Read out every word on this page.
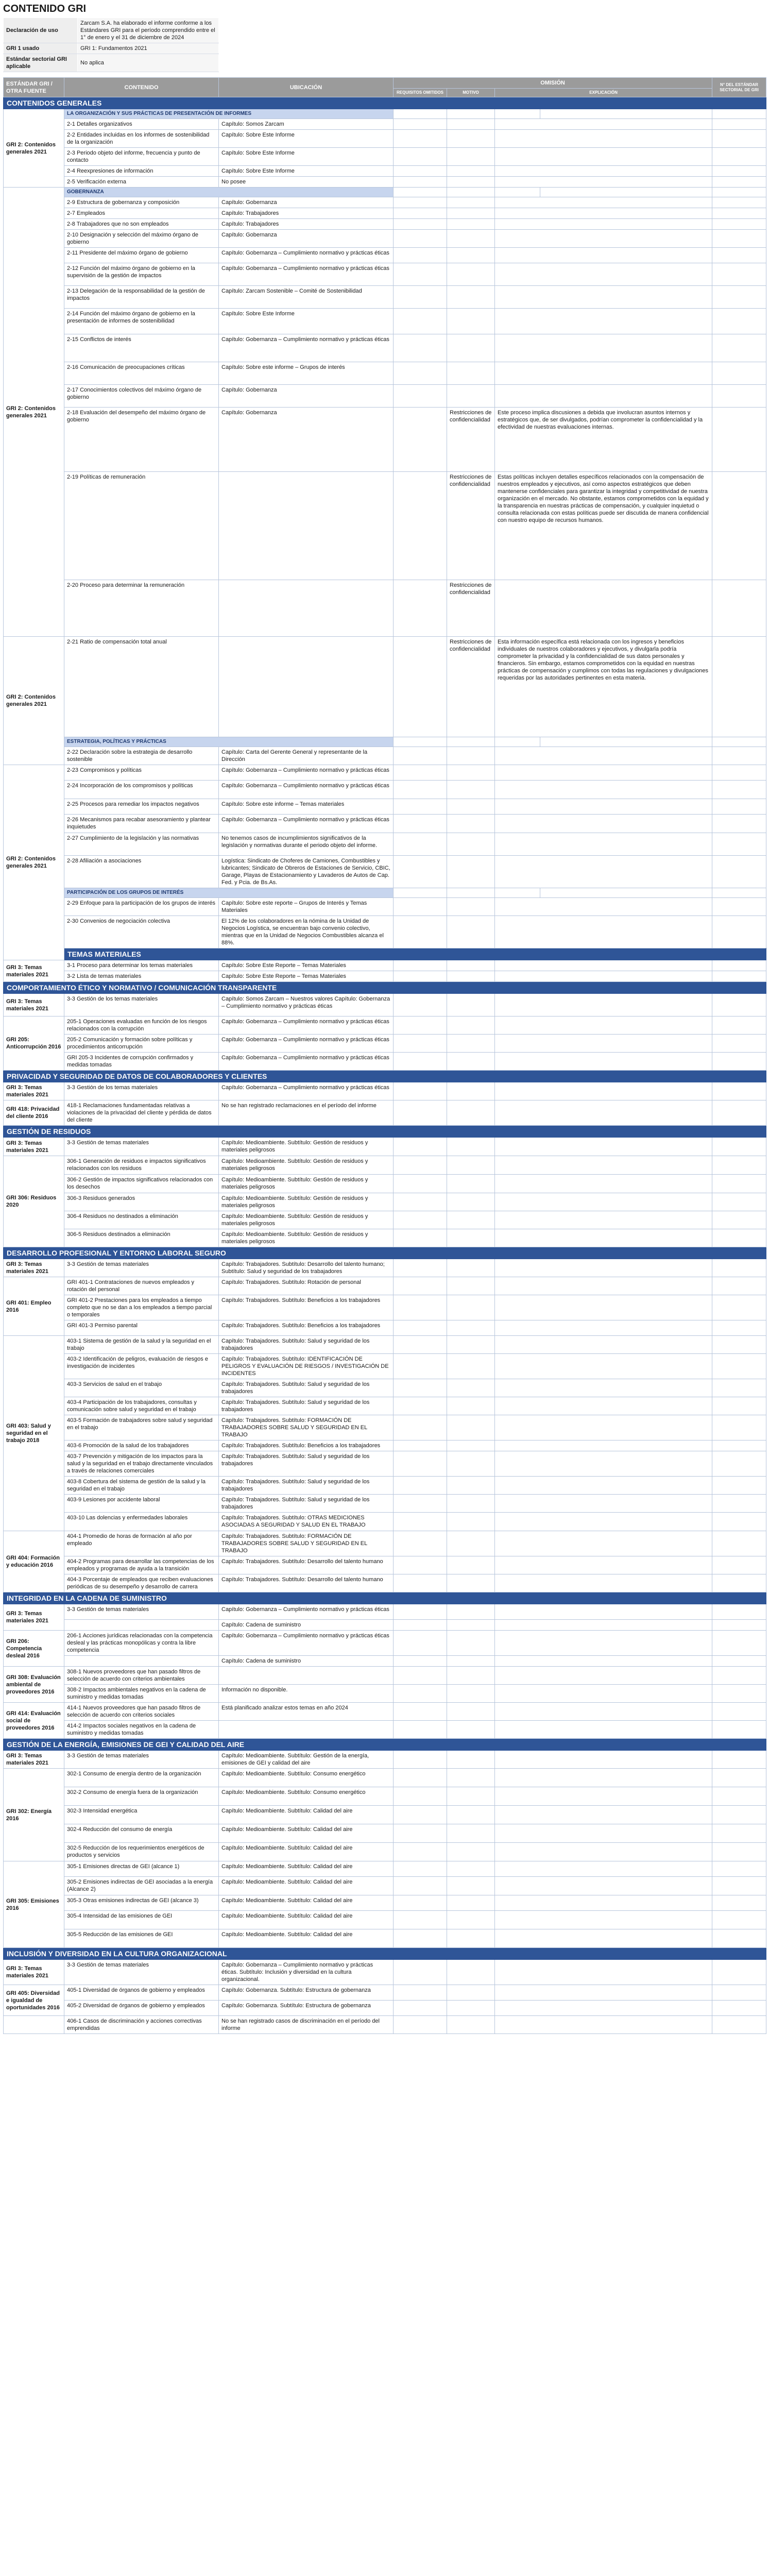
CONTENIDO GRI
Declaración de uso	Zarcam S.A. ha elaborado el informe conforme a los Estándares GRI para el período comprendido entre el 1° de enero y el 31 de diciembre de 2024	
GRI 1 usado	GRI 1: Fundamentos 2021	
Estándar sectorial GRI aplicable	No aplica	
ESTÁNDAR GRI / OTRA FUENTE	CONTENIDO	UBICACIÓN	OMISIÓN				N° DEL ESTÁNDAR SECTORIAL DE GRI
			REQUISITOS OMITIDOS	MOTIVO	EXPLICACIÓN		
CONTENIDOS GENERALES							
GRI 2: Contenidos generales 2021	LA ORGANIZACIÓN Y SUS PRÁCTICAS DE PRESENTACIÓN DE INFORMES						
	2-1 Detalles organizativos	Capítulo: Somos Zarcam					
	2-2 Entidades incluidas en los informes de sostenibilidad de la organización	Capítulo: Sobre Este Informe					
	2-3 Periodo objeto del informe, frecuencia y punto de contacto	Capítulo: Sobre Este Informe					
	2-4 Reexpresiones de información	Capítulo: Sobre Este Informe					
	2-5 Verificación externa	No posee					
GRI 2: Contenidos generales 2021	GOBERNANZA						
	2-9 Estructura de gobernanza y composición	Capítulo: Gobernanza					
	2-7 Empleados	Capítulo: Trabajadores					
	2-8 Trabajadores que no son empleados	Capítulo: Trabajadores					
	2-10 Designación y selección del máximo órgano de gobierno	Capítulo: Gobernanza					
	2-11 Presidente del máximo órgano de gobierno	Capítulo: Gobernanza – Cumplimiento normativo y prácticas éticas					
	2-12 Función del máximo órgano de gobierno en la supervisión de la gestión de impactos	Capítulo: Gobernanza – Cumplimiento normativo y prácticas éticas					
	2-13 Delegación de la responsabilidad de la gestión de impactos	Capítulo: Zarcam Sostenible – Comité de Sostenibilidad					
	2-14 Función del máximo órgano de gobierno en la presentación de informes de sostenibilidad	Capítulo: Sobre Este Informe					
	2-15 Conflictos de interés	Capítulo: Gobernanza – Cumplimiento normativo y prácticas éticas					
	2-16 Comunicación de preocupaciones críticas	Capítulo: Sobre este informe – Grupos de interés					
	2-17 Conocimientos colectivos del máximo órgano de gobierno	Capítulo: Gobernanza					
	2-18 Evaluación del desempeño del máximo órgano de gobierno	Capítulo: Gobernanza		Restricciones de confidencialidad	Este proceso implica discusiones a debida que involucran asuntos internos y estratégicos que, de ser divulgados, podrían comprometer la confidencialidad y la efectividad de nuestras evaluaciones internas.		
	2-19 Políticas de remuneración			Restricciones de confidencialidad	Estas políticas incluyen detalles específicos relacionados con la compensación de nuestros empleados y ejecutivos, así como aspectos estratégicos que deben mantenerse confidenciales para garantizar la integridad y competitividad de nuestra organización en el mercado. No obstante, estamos comprometidos con la equidad y la transparencia en nuestras prácticas de compensación, y cualquier inquietud o consulta relacionada con estas políticas puede ser discutida de manera confidencial con nuestro equipo de recursos humanos.		
	2-20 Proceso para determinar la remuneración			Restricciones de confidencialidad			
GRI 2: Contenidos generales 2021	2-21 Ratio de compensación total anual			Restricciones de confidencialidad	Esta información específica está relacionada con los ingresos y beneficios individuales de nuestros colaboradores y ejecutivos, y divulgarla podría comprometer la privacidad y la confidencialidad de sus datos personales y financieros. Sin embargo, estamos comprometidos con la equidad en nuestras prácticas de compensación y cumplimos con todas las regulaciones y divulgaciones requeridas por las autoridades pertinentes en esta materia.		
	ESTRATEGIA, POLÍTICAS Y PRÁCTICAS						
	2-22 Declaración sobre la estrategia de desarrollo sostenible	Capítulo: Carta del Gerente General y representante de la Dirección					
GRI 2: Contenidos generales 2021	2-23 Compromisos y políticas	Capítulo: Gobernanza – Cumplimiento normativo y prácticas éticas					
	2-24 Incorporación de los compromisos y políticas	Capítulo: Gobernanza – Cumplimiento normativo y prácticas éticas					
	2-25 Procesos para remediar los impactos negativos	Capítulo: Sobre este informe – Temas materiales					
	2-26 Mecanismos para recabar asesoramiento y plantear inquietudes	Capítulo: Gobernanza – Cumplimiento normativo y prácticas éticas					
	2-27 Cumplimiento de la legislación y las normativas	No tenemos casos de incumplimientos significativos de la legislación y normativas durante el periodo objeto del informe.					
	2-28 Afiliación a asociaciones	Logística: Sindicato de Choferes de Camiones, Combustibles y lubricantes; Sindicato de Obreros de Estaciones de Servicio, CBIC, Garage, Playas de Estacionamiento y Lavaderos de Autos de Cap. Fed. y Pcia. de Bs.As.					
	PARTICIPACIÓN DE LOS GRUPOS DE INTERÉS						
	2-29 Enfoque para la participación de los grupos de interés	Capítulo: Sobre este reporte – Grupos de Interés y Temas Materiales					
	2-30 Convenios de negociación colectiva	El 12% de los colaboradores en la nómina de la Unidad de Negocios Logística, se encuentran bajo convenio colectivo, mientras que en la Unidad de Negocios Combustibles alcanza el 88%.					
	TEMAS MATERIALES						
GRI 3: Temas materiales 2021	3-1 Proceso para determinar los temas materiales	Capítulo: Sobre Este Reporte – Temas Materiales					
	3-2 Lista de temas materiales	Capítulo: Sobre Este Reporte – Temas Materiales					
COMPORTAMIENTO ÉTICO Y NORMATIVO / COMUNICACIÓN TRANSPARENTE							
GRI 3: Temas materiales 2021	3-3 Gestión de los temas materiales	Capítulo: Somos Zarcam – Nuestros valores Capítulo: Gobernanza – Cumplimiento normativo y prácticas éticas					
GRI 205: Anticorrupción 2016	205-1 Operaciones evaluadas en función de los riesgos relacionados con la corrupción	Capítulo: Gobernanza – Cumplimiento normativo y prácticas éticas					
	205-2 Comunicación y formación sobre políticas y procedimientos anticorrupción	Capítulo: Gobernanza – Cumplimiento normativo y prácticas éticas					
	GRI 205-3 Incidentes de corrupción confirmados y medidas tomadas	Capítulo: Gobernanza – Cumplimiento normativo y prácticas éticas					
PRIVACIDAD Y SEGURIDAD DE DATOS DE COLABORADORES Y CLIENTES							
GRI 3: Temas materiales 2021	3-3 Gestión de los temas materiales	Capítulo: Gobernanza – Cumplimiento normativo y prácticas éticas					
GRI 418: Privacidad del cliente 2016	418-1 Reclamaciones fundamentadas relativas a violaciones de la privacidad del cliente y pérdida de datos del cliente	No se han registrado reclamaciones en el período del informe					
GESTIÓN DE RESIDUOS							
GRI 3: Temas materiales 2021	3-3 Gestión de temas materiales	Capítulo: Medioambiente. Subtítulo: Gestión de residuos y materiales peligrosos					
GRI 306: Residuos 2020	306-1 Generación de residuos e impactos significativos relacionados con los residuos	Capítulo: Medioambiente. Subtítulo: Gestión de residuos y materiales peligrosos					
	306-2 Gestión de impactos significativos relacionados con los desechos	Capítulo: Medioambiente. Subtítulo: Gestión de residuos y materiales peligrosos					
	306-3 Residuos generados	Capítulo: Medioambiente. Subtítulo: Gestión de residuos y materiales peligrosos					
	306-4 Residuos no destinados a eliminación	Capítulo: Medioambiente. Subtítulo: Gestión de residuos y materiales peligrosos					
	306-5 Residuos destinados a eliminación	Capítulo: Medioambiente. Subtítulo: Gestión de residuos y materiales peligrosos					
DESARROLLO PROFESIONAL Y ENTORNO LABORAL SEGURO							
GRI 3: Temas materiales 2021	3-3 Gestión de temas materiales	Capítulo: Trabajadores. Subtítulo: Desarrollo del talento humano; Subtítulo: Salud y seguridad de los trabajadores					
GRI 401: Empleo 2016	GRI 401-1 Contrataciones de nuevos empleados y rotación del personal	Capítulo: Trabajadores. Subtítulo: Rotación de personal					
	GRI 401-2 Prestaciones para los empleados a tiempo completo que no se dan a los empleados a tiempo parcial o temporales	Capítulo: Trabajadores. Subtítulo: Beneficios a los trabajadores					
	GRI 401-3 Permiso parental	Capítulo: Trabajadores. Subtítulo: Beneficios a los trabajadores					
GRI 403: Salud y seguridad en el trabajo 2018	403-1 Sistema de gestión de la salud y la seguridad en el trabajo	Capítulo: Trabajadores. Subtítulo: Salud y seguridad de los trabajadores					
	403-2 Identificación de peligros, evaluación de riesgos e investigación de incidentes	Capítulo: Trabajadores. Subtítulo: IDENTIFICACIÓN DE PELIGROS Y EVALUACIÓN DE RIESGOS / INVESTIGACIÓN DE INCIDENTES					
	403-3 Servicios de salud en el trabajo	Capítulo: Trabajadores. Subtítulo: Salud y seguridad de los trabajadores					
	403-4 Participación de los trabajadores, consultas y comunicación sobre salud y seguridad en el trabajo	Capítulo: Trabajadores. Subtítulo: Salud y seguridad de los trabajadores					
	403-5 Formación de trabajadores sobre salud y seguridad en el trabajo	Capítulo: Trabajadores. Subtítulo: FORMACIÓN DE TRABAJADORES SOBRE SALUD Y SEGURIDAD EN EL TRABAJO					
	403-6 Promoción de la salud de los trabajadores	Capítulo: Trabajadores. Subtítulo: Beneficios a los trabajadores					
	403-7 Prevención y mitigación de los impactos para la salud y la seguridad en el trabajo directamente vinculados a través de relaciones comerciales	Capítulo: Trabajadores. Subtítulo: Salud y seguridad de los trabajadores					
	403-8 Cobertura del sistema de gestión de la salud y la seguridad en el trabajo	Capítulo: Trabajadores. Subtítulo: Salud y seguridad de los trabajadores					
	403-9 Lesiones por accidente laboral	Capítulo: Trabajadores. Subtítulo: Salud y seguridad de los trabajadores					
	403-10 Las dolencias y enfermedades laborales	Capítulo: Trabajadores. Subtítulo: OTRAS MEDICIONES ASOCIADAS A SEGURIDAD Y SALUD EN EL TRABAJO					
GRI 404: Formación y educación 2016	404-1 Promedio de horas de formación al año por empleado	Capítulo: Trabajadores. Subtítulo: FORMACIÓN DE TRABAJADORES SOBRE SALUD Y SEGURIDAD EN EL TRABAJO					
	404-2 Programas para desarrollar las competencias de los empleados y programas de ayuda a la transición	Capítulo: Trabajadores. Subtítulo: Desarrollo del talento humano					
	404-3 Porcentaje de empleados que reciben evaluaciones periódicas de su desempeño y desarrollo de carrera	Capítulo: Trabajadores. Subtítulo: Desarrollo del talento humano					
INTEGRIDAD EN LA CADENA DE SUMINISTRO							
GRI 3: Temas materiales 2021	3-3 Gestión de temas materiales	Capítulo: Gobernanza – Cumplimiento normativo y prácticas éticas					
		Capítulo: Cadena de suministro					
GRI 206: Competencia desleal 2016	206-1 Acciones jurídicas relacionadas con la competencia desleal y las prácticas monopólicas y contra la libre competencia	Capítulo: Gobernanza – Cumplimiento normativo y prácticas éticas					
		Capítulo: Cadena de suministro					
GRI 308: Evaluación ambiental de proveedores 2016	308-1 Nuevos proveedores que han pasado filtros de selección de acuerdo con criterios ambientales						
	308-2 Impactos ambientales negativos en la cadena de suministro y medidas tomadas	Información no disponible.					
GRI 414: Evaluación social de proveedores 2016	414-1 Nuevos proveedores que han pasado filtros de selección de acuerdo con criterios sociales	Está planificado analizar estos temas en año 2024					
	414-2 Impactos sociales negativos en la cadena de suministro y medidas tomadas						
GESTIÓN DE LA ENERGÍA, EMISIONES DE GEI Y CALIDAD DEL AIRE							
GRI 3: Temas materiales 2021	3-3 Gestión de temas materiales	Capítulo: Medioambiente. Subtítulo: Gestión de la energía, emisiones de GEI y calidad del aire					
GRI 302: Energía 2016	302-1 Consumo de energía dentro de la organización	Capítulo: Medioambiente. Subtítulo: Consumo energético					
	302-2 Consumo de energía fuera de la organización	Capítulo: Medioambiente. Subtítulo: Consumo energético					
	302-3 Intensidad energética	Capítulo: Medioambiente. Subtítulo: Calidad del aire					
	302-4 Reducción del consumo de energía	Capítulo: Medioambiente. Subtítulo: Calidad del aire					
	302-5 Reducción de los requerimientos energéticos de productos y servicios	Capítulo: Medioambiente. Subtítulo: Calidad del aire					
GRI 305: Emisiones 2016	305-1 Emisiones directas de GEI (alcance 1)	Capítulo: Medioambiente. Subtítulo: Calidad del aire					
	305-2 Emisiones indirectas de GEI asociadas a la energía (Alcance 2)	Capítulo: Medioambiente. Subtítulo: Calidad del aire					
	305-3 Otras emisiones indirectas de GEI (alcance 3)	Capítulo: Medioambiente. Subtítulo: Calidad del aire					
	305-4 Intensidad de las emisiones de GEI	Capítulo: Medioambiente. Subtítulo: Calidad del aire					
	305-5 Reducción de las emisiones de GEI	Capítulo: Medioambiente. Subtítulo: Calidad del aire					
INCLUSIÓN Y DIVERSIDAD EN LA CULTURA ORGANIZACIONAL							
GRI 3: Temas materiales 2021	3-3 Gestión de temas materiales	Capítulo: Gobernanza – Cumplimiento normativo y prácticas éticas. Subtítulo: Inclusión y diversidad en la cultura organizacional.					
GRI 405: Diversidad e igualdad de oportunidades 2016	405-1 Diversidad de órganos de gobierno y empleados	Capítulo: Gobernanza. Subtítulo: Estructura de gobernanza					
	405-2 Diversidad de órganos de gobierno y empleados	Capítulo: Gobernanza. Subtítulo: Estructura de gobernanza					
	406-1 Casos de discriminación y acciones correctivas emprendidas	No se han registrado casos de discriminación en el período del informe					
